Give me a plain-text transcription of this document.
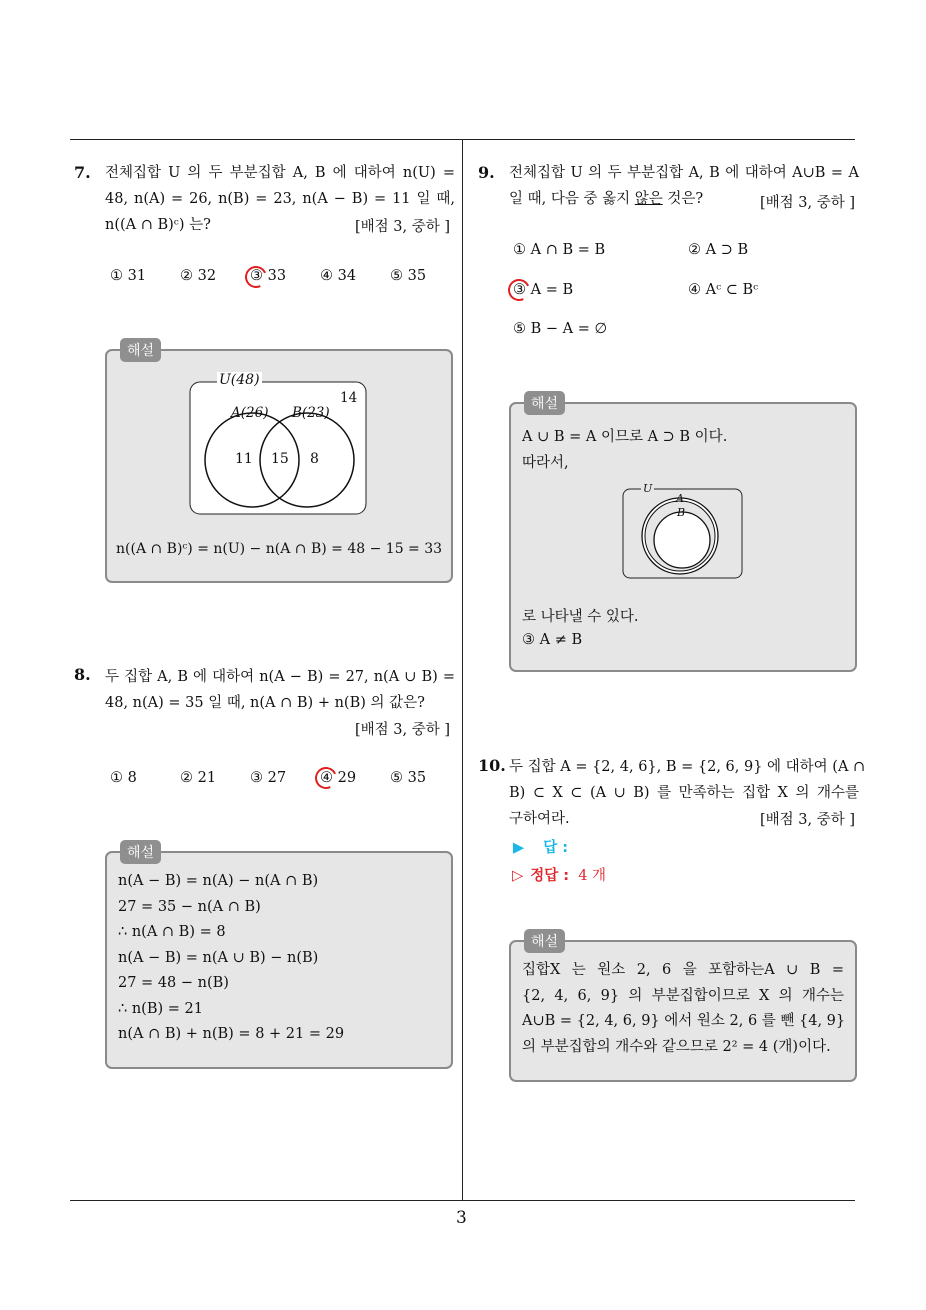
3
7. 전체집합 U 의 두 부분집합 A, B 에 대하여 n(U) =
48, n(A) = 26, n(B) = 23, n(A − B) = 11 일 때,
n((A ∩ B)ᶜ) 는?	[배점 3, 중하 ]
① 31 ② 32 ③ 33 ④ 34 ⑤ 35
해설
U(48)
14
A(26) B(23)
11 15 8
n((A ∩ B)ᶜ) = n(U) − n(A ∩ B) = 48 − 15 = 33
8. 두 집합 A, B 에 대하여 n(A − B) = 27, n(A ∪ B) =
48, n(A) = 35 일 때, n(A ∩ B) + n(B) 의 값은?
[배점 3, 중하 ]
① 8	② 21 ③ 27 ④ 29 ⑤ 35
해설
n(A − B) = n(A) − n(A ∩ B)
27 = 35 − n(A ∩ B)
∴ n(A ∩ B) = 8
n(A − B) = n(A ∪ B) − n(B)
27 = 48 − n(B)
∴ n(B) = 21
n(A ∩ B) + n(B) = 8 + 21 = 29
9. 전체집합 U 의 두 부분집합 A, B 에 대하여 A∪B = A
일 때, 다음 중 옳지 않은 것은?	[배점 3, 중하 ]
① A ∩ B = B	② A ⊃ B
③ A = B	④ Aᶜ ⊂ Bᶜ
⑤ B − A = ∅
해설
A ∪ B = A 이므로 A ⊃ B 이다.
따라서,
U
A
B
로 나타낼 수 있다.
③ A ≠ B
10. 두 집합 A = {2, 4, 6}, B = {2, 6, 9} 에 대하여 (A ∩
B) ⊂ X ⊂ (A ∪ B) 를 만족하는 집합 X 의 개수를
구하여라.	[배점 3, 중하 ]
▶ 답 :
▷ 정답 : 4 개
해설
집합X 는 원소 2, 6 을 포함하는A ∪ B =
{2, 4, 6, 9} 의 부분집합이므로 X 의 개수는
A∪B = {2, 4, 6, 9} 에서 원소 2, 6 를 뺀 {4, 9}
의 부분집합의 개수와 같으므로 2² = 4 (개)이다.
